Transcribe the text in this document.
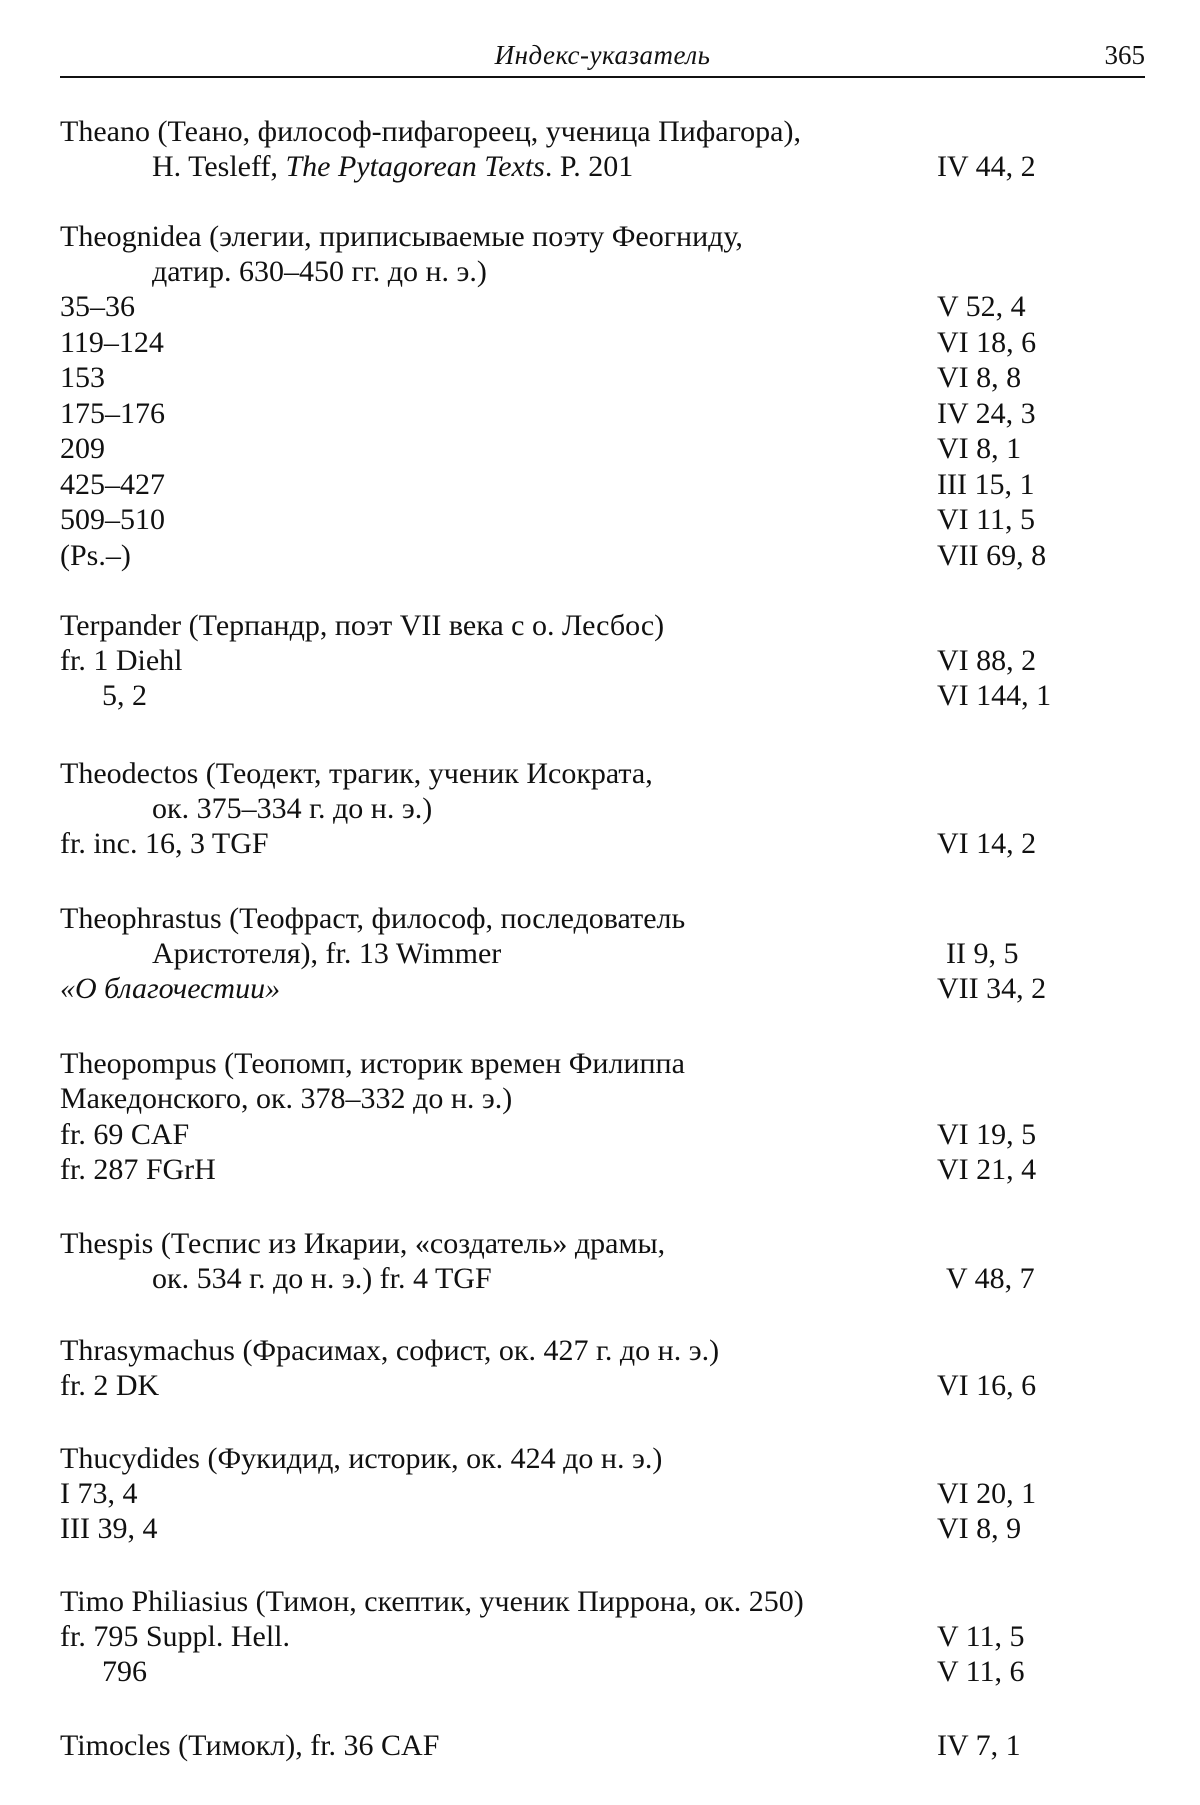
Индекс-указатель	365
Theano (Теано, философ-пифагореец, ученица Пифагора),
H. Tesleff, The Pytagorean Texts. P. 201	IV 44, 2
Theognidea (элегии, приписываемые поэту Феогниду,
датир. 630–450 гг. до н. э.)
35–36	V 52, 4
119–124	VI 18, 6
153	VI 8, 8
175–176	IV 24, 3
209	VI 8, 1
425–427	III 15, 1
509–510	VI 11, 5
(Ps.–)	VII 69, 8
Terpander (Терпандр, поэт VII века с о. Лесбос)
fr. 1 Diehl	VI 88, 2
5, 2	VI 144, 1
Theodectos (Теодект, трагик, ученик Исократа,
ок. 375–334 г. до н. э.)
fr. inc. 16, 3 TGF	VI 14, 2
Theophrastus (Теофраст, философ, последователь
Аристотеля), fr. 13 Wimmer	II 9, 5
«О благочестии»	VII 34, 2
Theopompus (Теопомп, историк времен Филиппа
Македонского, ок. 378–332 до н. э.)
fr. 69 CAF	VI 19, 5
fr. 287 FGrH	VI 21, 4
Thespis (Теспис из Икарии, «создатель» драмы,
ок. 534 г. до н. э.) fr. 4 TGF	V 48, 7
Thrasymachus (Фрасимах, софист, ок. 427 г. до н. э.)
fr. 2 DK	VI 16, 6
Thucydides (Фукидид, историк, ок. 424 до н. э.)
I 73, 4	VI 20, 1
III 39, 4	VI 8, 9
Timo Philiasius (Тимон, скептик, ученик Пиррона, ок. 250)
fr. 795 Suppl. Hell.	V 11, 5
796	V 11, 6
Timocles (Тимокл), fr. 36 CAF	IV 7, 1
